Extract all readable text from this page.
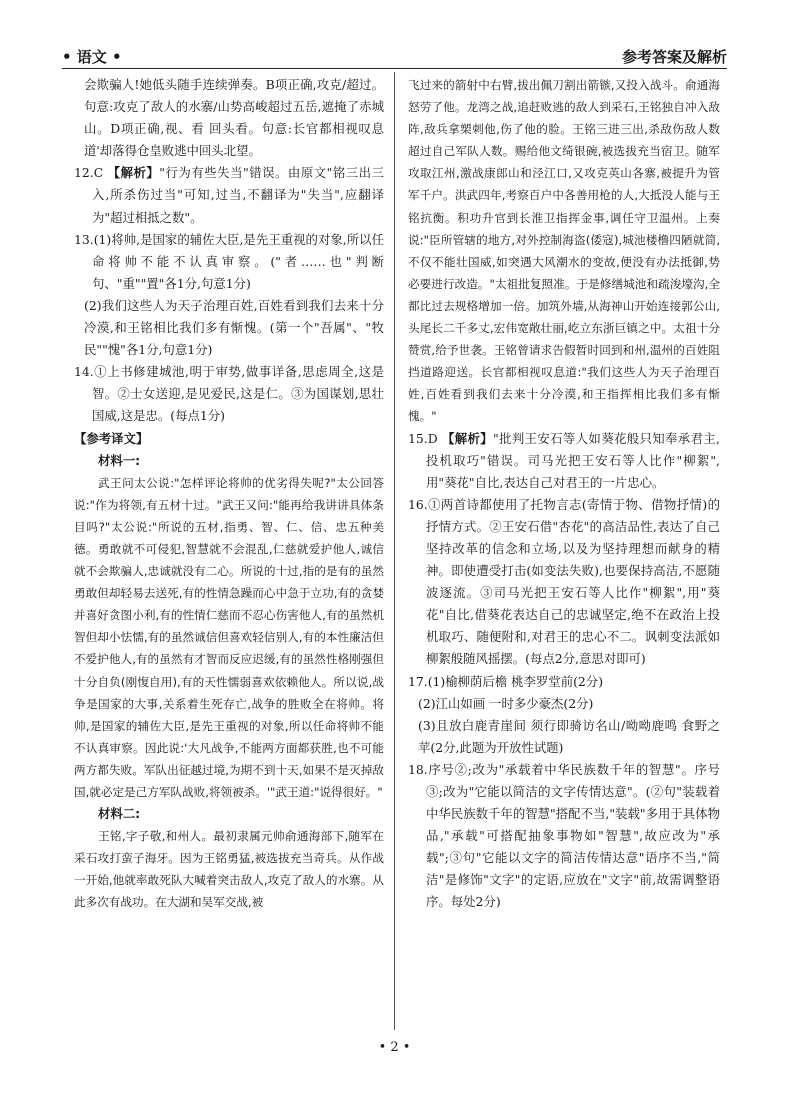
• 语文 •	参考答案及解析

会欺骗人!她低头随手连续弹奏。B项正确,攻克/超过。句意:攻克了敌人的水寨/山势高峻超过五岳,遮掩了赤城山。D项正确,视、看 回头看。句意:长官都相视叹息道'却落得仓皇败逃中回头北望。

12.C 【解析】"行为有些失当"错误。由原文"铭三出三入,所杀伤过当"可知,过当,不翻译为"失当",应翻译为"超过相抵之数"。

13.(1)将帅,是国家的辅佐大臣,是先王重视的对象,所以任命将帅不能不认真审察。("者……也"判断句、"重""置"各1分,句意1分)

(2)我们这些人为天子治理百姓,百姓看到我们去来十分冷漠,和王铭相比我们多有惭愧。(第一个"吾属"、"牧民""愧"各1分,句意1分)

14.①上书修建城池,明于审势,做事详备,思虑周全,这是智。②士女送迎,是见爱民,这是仁。③为国谋划,思壮国威,这是忠。(每点1分)

【参考译文】

材料一:

武王问太公说:"怎样评论将帅的优劣得失呢?"太公回答说:"作为将领,有五材十过。"武王又问:"能再给我讲讲具体条目吗?"太公说:"所说的五材,指勇、智、仁、信、忠五种美德。勇敢就不可侵犯,智慧就不会混乱,仁慈就爱护他人,诚信就不会欺骗人,忠诚就没有二心。所说的十过,指的是有的虽然勇敢但却轻易去送死,有的性情急躁而心中急于立功,有的贪婪并喜好贪图小利,有的性情仁慈而不忍心伤害他人,有的虽然机智但却小怯懦,有的虽然诚信但喜欢轻信别人,有的本性廉洁但不爱护他人,有的虽然有才智而反应迟缓,有的虽然性格刚强但十分自负(刚愎自用),有的天性懦弱喜欢依赖他人。所以说,战争是国家的大事,关系着生死存亡,战争的胜败全在将帅。将帅,是国家的辅佐大臣,是先王重视的对象,所以任命将帅不能不认真审察。因此说:'大凡战争,不能两方面都获胜,也不可能两方都失败。军队出征越过境,为期不到十天,如果不是灭掉敌国,就必定是己方军队战败,将领被杀。'"武王道:"说得很好。"

材料二:

王铭,字子敬,和州人。最初隶属元帅俞通海部下,随军在采石攻打蛮子海牙。因为王铭勇猛,被选拔充当奇兵。从作战一开始,他就率敢死队大喊着突击敌人,攻克了敌人的水寨。从此多次有战功。在大湖和吴军交战,被

飞过来的箭射中右臂,拔出佩刀割出箭镞,又投入战斗。俞通海怒劳了他。龙湾之战,追赶败逃的敌人到采石,王铭独自冲入敌阵,敌兵拿槊刺他,伤了他的脸。王铭三进三出,杀敌伤敌人数超过自己军队人数。赐给他文绮银碗,被选拔充当宿卫。随军攻取江州,激战康郎山和泾江口,又攻克英山各寨,被提升为管军千户。洪武四年,考察百户中各善用枪的人,大抵没人能与王铭抗衡。积功升官到长淮卫指挥金事,调任守卫温州。上奏说:"臣所管辖的地方,对外控制海盗(倭寇),城池楼橹四陋就简,不仅不能壮国威,如突遇大风潮水的变故,便没有办法抵御,势必要进行改造。"太祖批复照准。于是修缮城池和疏浚壕沟,全都比过去规格增加一倍。加筑外墙,从海神山开始连接郭公山,头尾长二千多丈,宏伟宽敞壮丽,屹立东浙巨镇之中。太祖十分赞赏,给予世袭。王铭曾请求告假暂时回到和州,温州的百姓阻挡道路迎送。长官都相视叹息道:"我们这些人为天子治理百姓,百姓看到我们去来十分冷漠,和王指挥相比我们多有惭愧。"

15.D 【解析】"批判王安石等人如葵花般只知奉承君主,投机取巧"错误。司马光把王安石等人比作"柳絮",用"葵花"自比,表达自己对君王的一片忠心。

16.①两首诗都使用了托物言志(寄情于物、借物抒情)的抒情方式。②王安石借"杏花"的高洁品性,表达了自己坚持改革的信念和立场,以及为坚持理想而献身的精神。即使遭受打击(如变法失败),也要保持高洁,不愿随波逐流。③司马光把王安石等人比作"柳絮",用"葵花"自比,借葵花表达自己的忠诚坚定,绝不在政治上投机取巧、随便附和,对君王的忠心不二。讽刺变法派如柳絮般随风摇摆。(每点2分,意思对即可)

17.(1)榆柳荫后檐 桃李罗堂前(2分)

(2)江山如画 一时多少豪杰(2分)

(3)且放白鹿青崖间 须行即骑访名山/呦呦鹿鸣 食野之苹(2分,此题为开放性试题)

18.序号②;改为"承载着中华民族数千年的智慧"。序号③;改为"它能以简洁的文字传情达意"。(②句"装载着中华民族数千年的智慧"搭配不当,"装载"多用于具体物品,"承载"可搭配抽象事物如"智慧",故应改为"承载";③句"它能以文字的简洁传情达意"语序不当,"简洁"是修饰"文字"的定语,应放在"文字"前,故需调整语序。每处2分)

• 2 •
